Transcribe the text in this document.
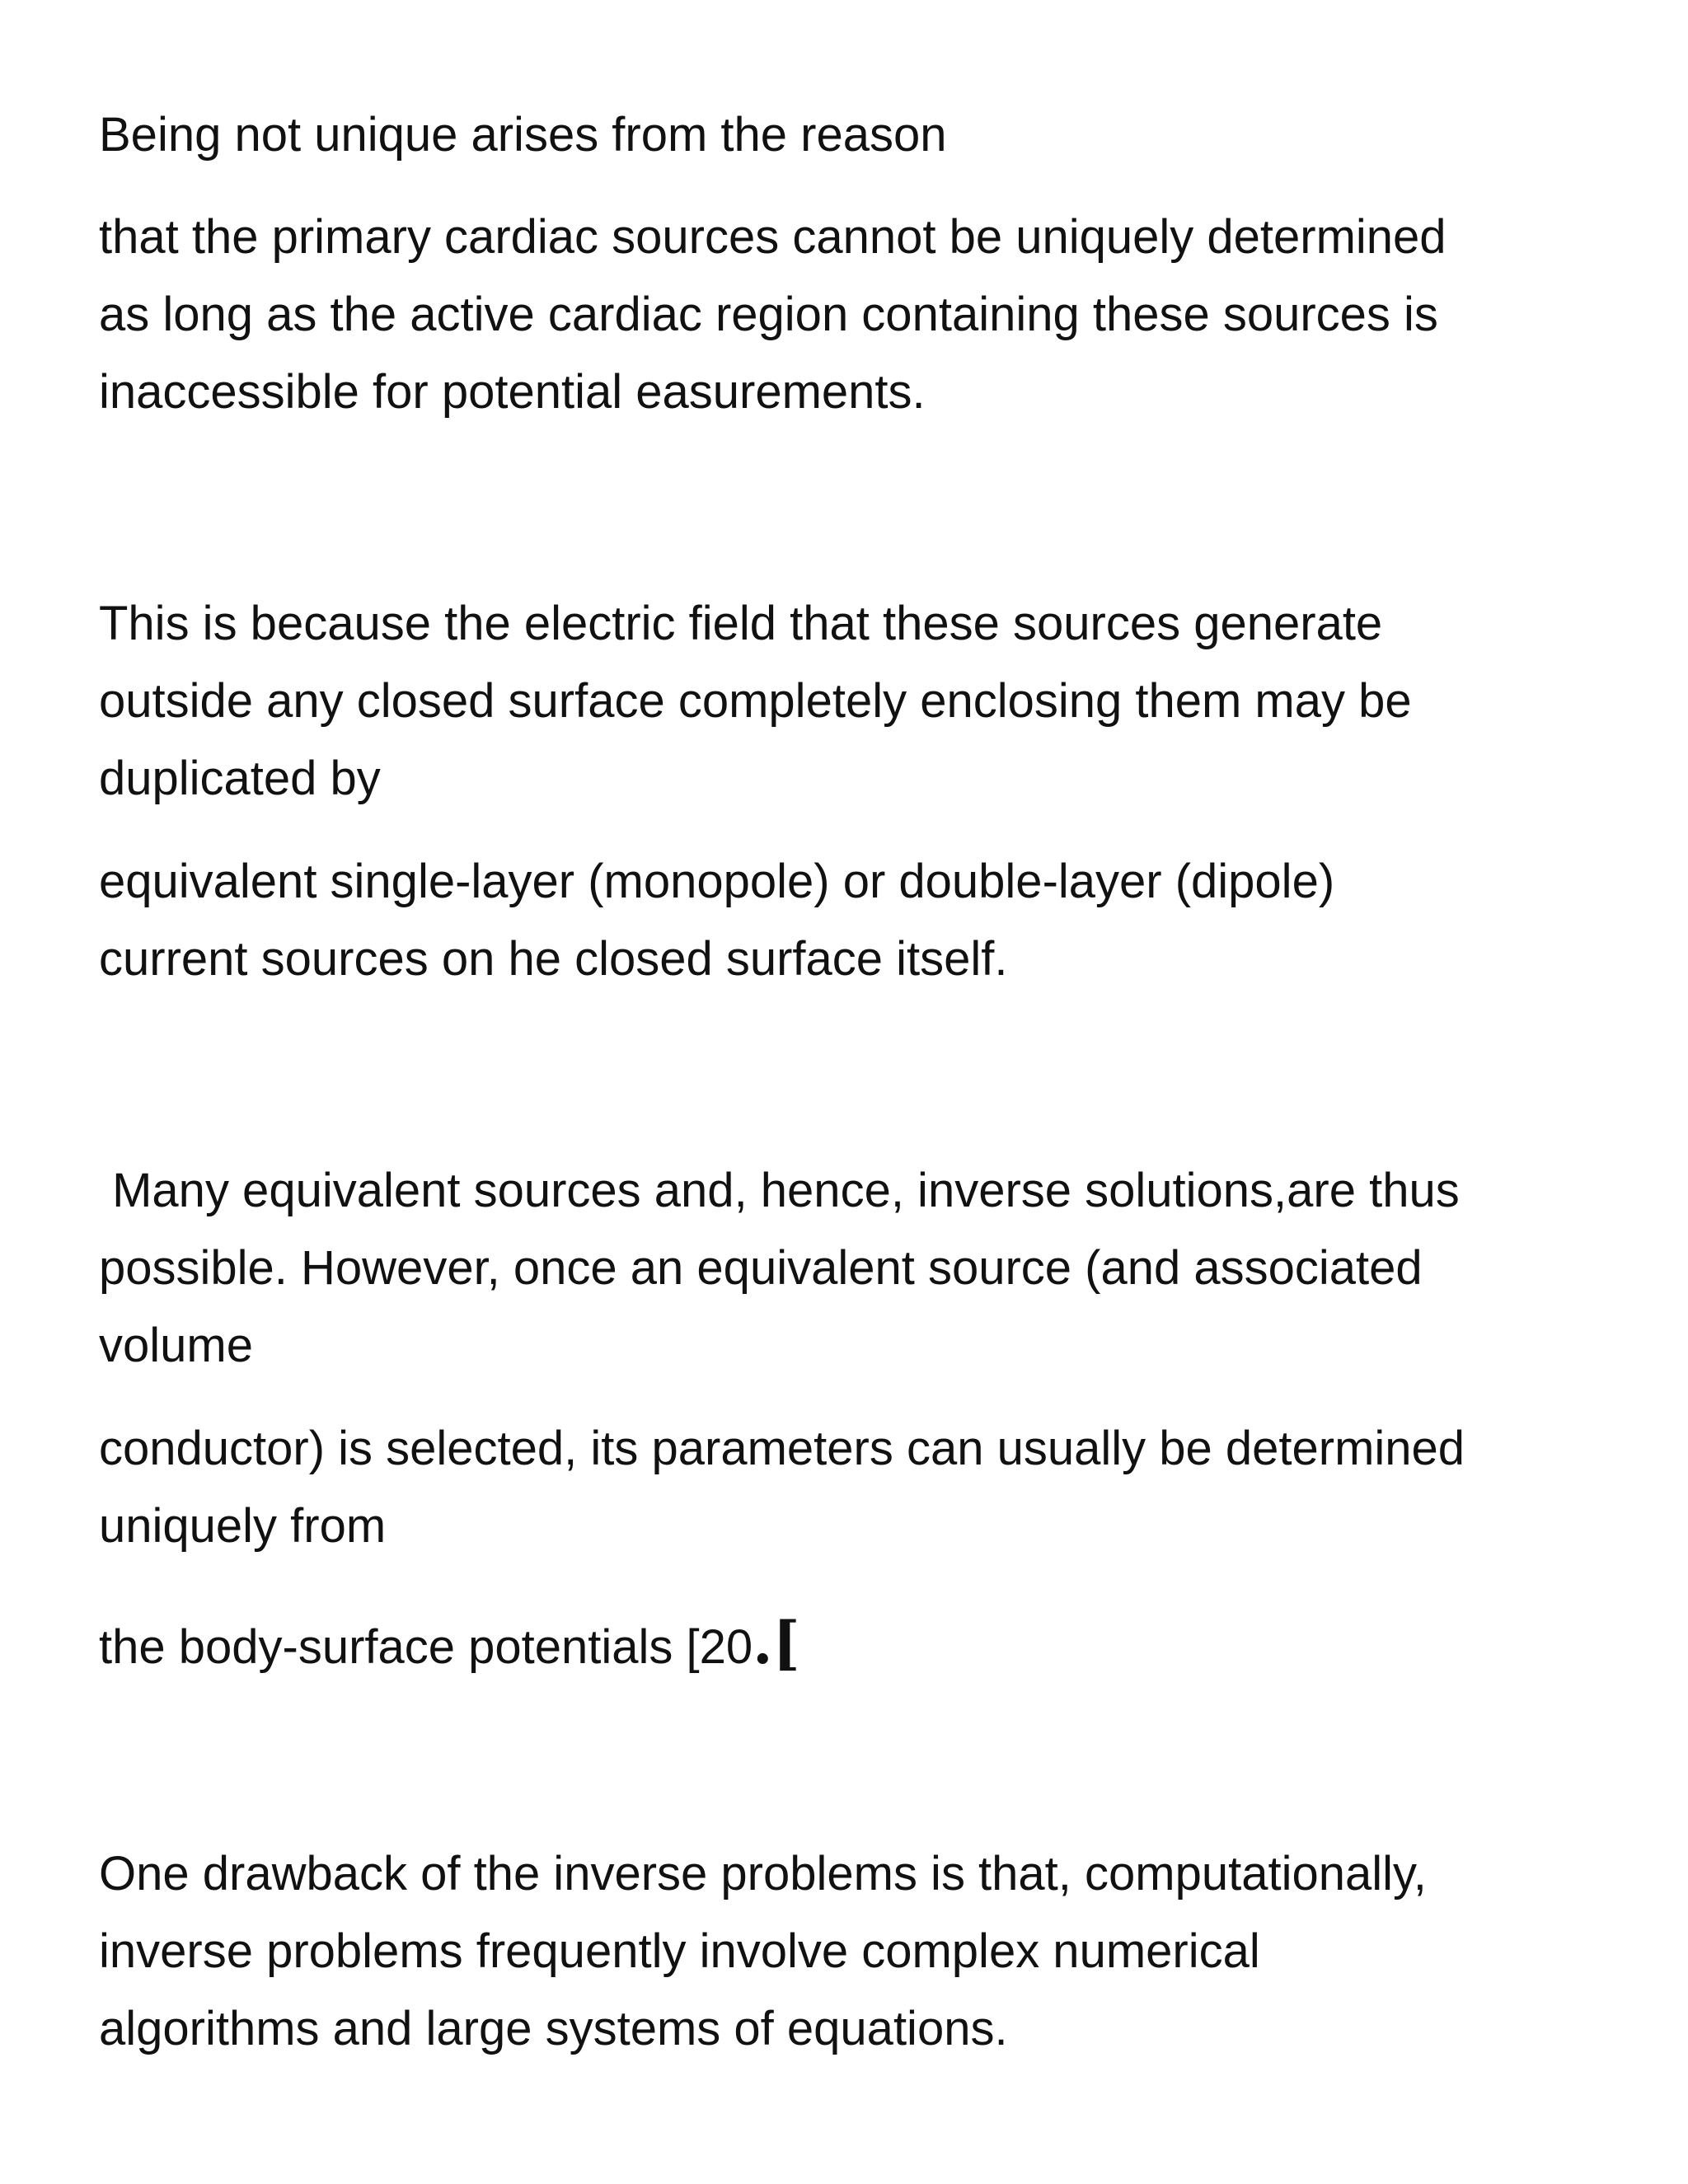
Being not unique arises from the reason

that the primary cardiac sources cannot be uniquely determined

as long as the active cardiac region containing these sources is

inaccessible for potential easurements.

This is because the electric field that these sources generate

outside any closed surface completely enclosing them may be

duplicated by

equivalent single-layer (monopole) or double-layer (dipole)

current sources on he closed surface itself.

Many equivalent sources and, hence, inverse solutions,are thus

possible. However, once an equivalent source (and associated

volume

conductor) is selected, its parameters can usually be determined

uniquely from

the body-surface potentials [20.[

One drawback of the inverse problems is that, computationally,

inverse problems frequently involve complex numerical

algorithms and large systems of equations.
